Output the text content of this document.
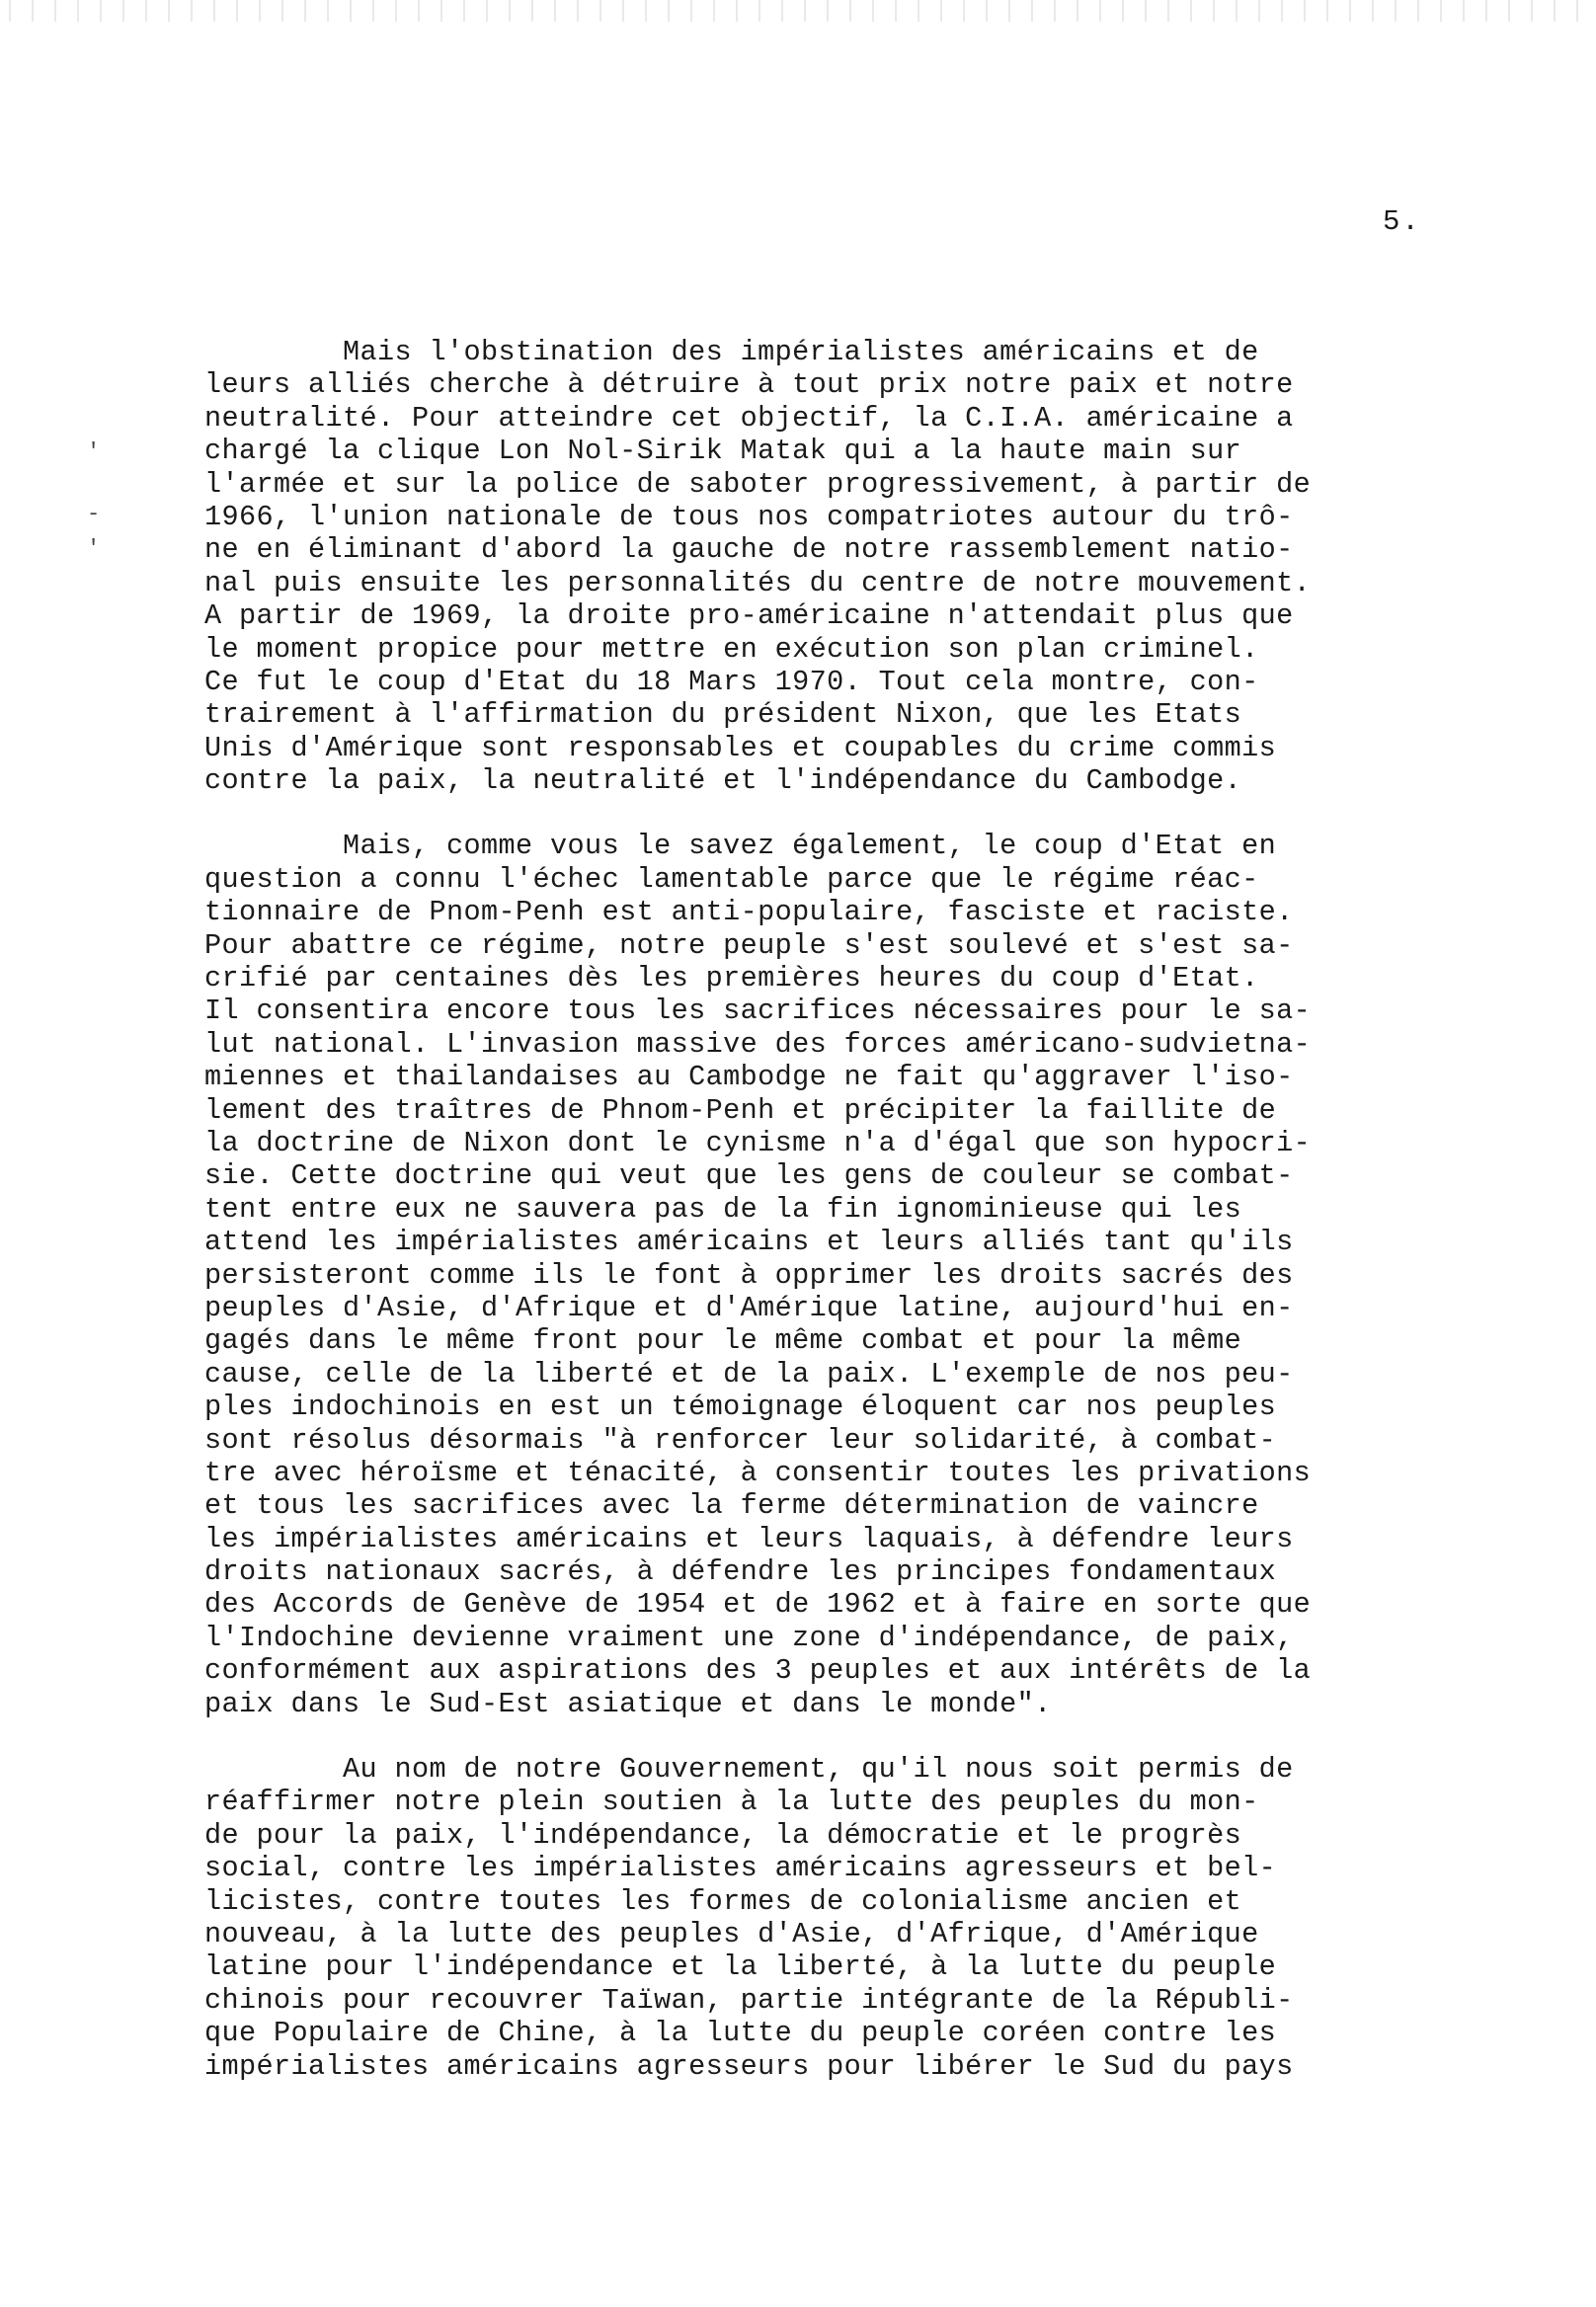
5.
'
-
'
Mais l'obstination des impérialistes américains et de
leurs alliés cherche à détruire à tout prix notre paix et notre
neutralité. Pour atteindre cet objectif, la C.I.A. américaine a
chargé la clique Lon Nol-Sirik Matak qui a la haute main sur
l'armée et sur la police de saboter progressivement, à partir de
1966, l'union nationale de tous nos compatriotes autour du trô-
ne en éliminant d'abord la gauche de notre rassemblement natio-
nal puis ensuite les personnalités du centre de notre mouvement.
A partir de 1969, la droite pro-américaine n'attendait plus que
le moment propice pour mettre en exécution son plan criminel.
Ce fut le coup d'Etat du 18 Mars 1970. Tout cela montre, con-
trairement à l'affirmation du président Nixon, que les Etats
Unis d'Amérique sont responsables et coupables du crime commis
contre la paix, la neutralité et l'indépendance du Cambodge.
Mais, comme vous le savez également, le coup d'Etat en
question a connu l'échec lamentable parce que le régime réac-
tionnaire de Pnom-Penh est anti-populaire, fasciste et raciste.
Pour abattre ce régime, notre peuple s'est soulevé et s'est sa-
crifié par centaines dès les premières heures du coup d'Etat.
Il consentira encore tous les sacrifices nécessaires pour le sa-
lut national. L'invasion massive des forces américano-sudvietna-
miennes et thailandaises au Cambodge ne fait qu'aggraver l'iso-
lement des traîtres de Phnom-Penh et précipiter la faillite de
la doctrine de Nixon dont le cynisme n'a d'égal que son hypocri-
sie. Cette doctrine qui veut que les gens de couleur se combat-
tent entre eux ne sauvera pas de la fin ignominieuse qui les
attend les impérialistes américains et leurs alliés tant qu'ils
persisteront comme ils le font à opprimer les droits sacrés des
peuples d'Asie, d'Afrique et d'Amérique latine, aujourd'hui en-
gagés dans le même front pour le même combat et pour la même
cause, celle de la liberté et de la paix. L'exemple de nos peu-
ples indochinois en est un témoignage éloquent car nos peuples
sont résolus désormais "à renforcer leur solidarité, à combat-
tre avec héroïsme et ténacité, à consentir toutes les privations
et tous les sacrifices avec la ferme détermination de vaincre
les impérialistes américains et leurs laquais, à défendre leurs
droits nationaux sacrés, à défendre les principes fondamentaux
des Accords de Genève de 1954 et de 1962 et à faire en sorte que
l'Indochine devienne vraiment une zone d'indépendance, de paix,
conformément aux aspirations des 3 peuples et aux intérêts de la
paix dans le Sud-Est asiatique et dans le monde".
Au nom de notre Gouvernement, qu'il nous soit permis de
réaffirmer notre plein soutien à la lutte des peuples du mon-
de pour la paix, l'indépendance, la démocratie et le progrès
social, contre les impérialistes américains agresseurs et bel-
licistes, contre toutes les formes de colonialisme ancien et
nouveau, à la lutte des peuples d'Asie, d'Afrique, d'Amérique
latine pour l'indépendance et la liberté, à la lutte du peuple
chinois pour recouvrer Taïwan, partie intégrante de la Républi-
que Populaire de Chine, à la lutte du peuple coréen contre les
impérialistes américains agresseurs pour libérer le Sud du pays
